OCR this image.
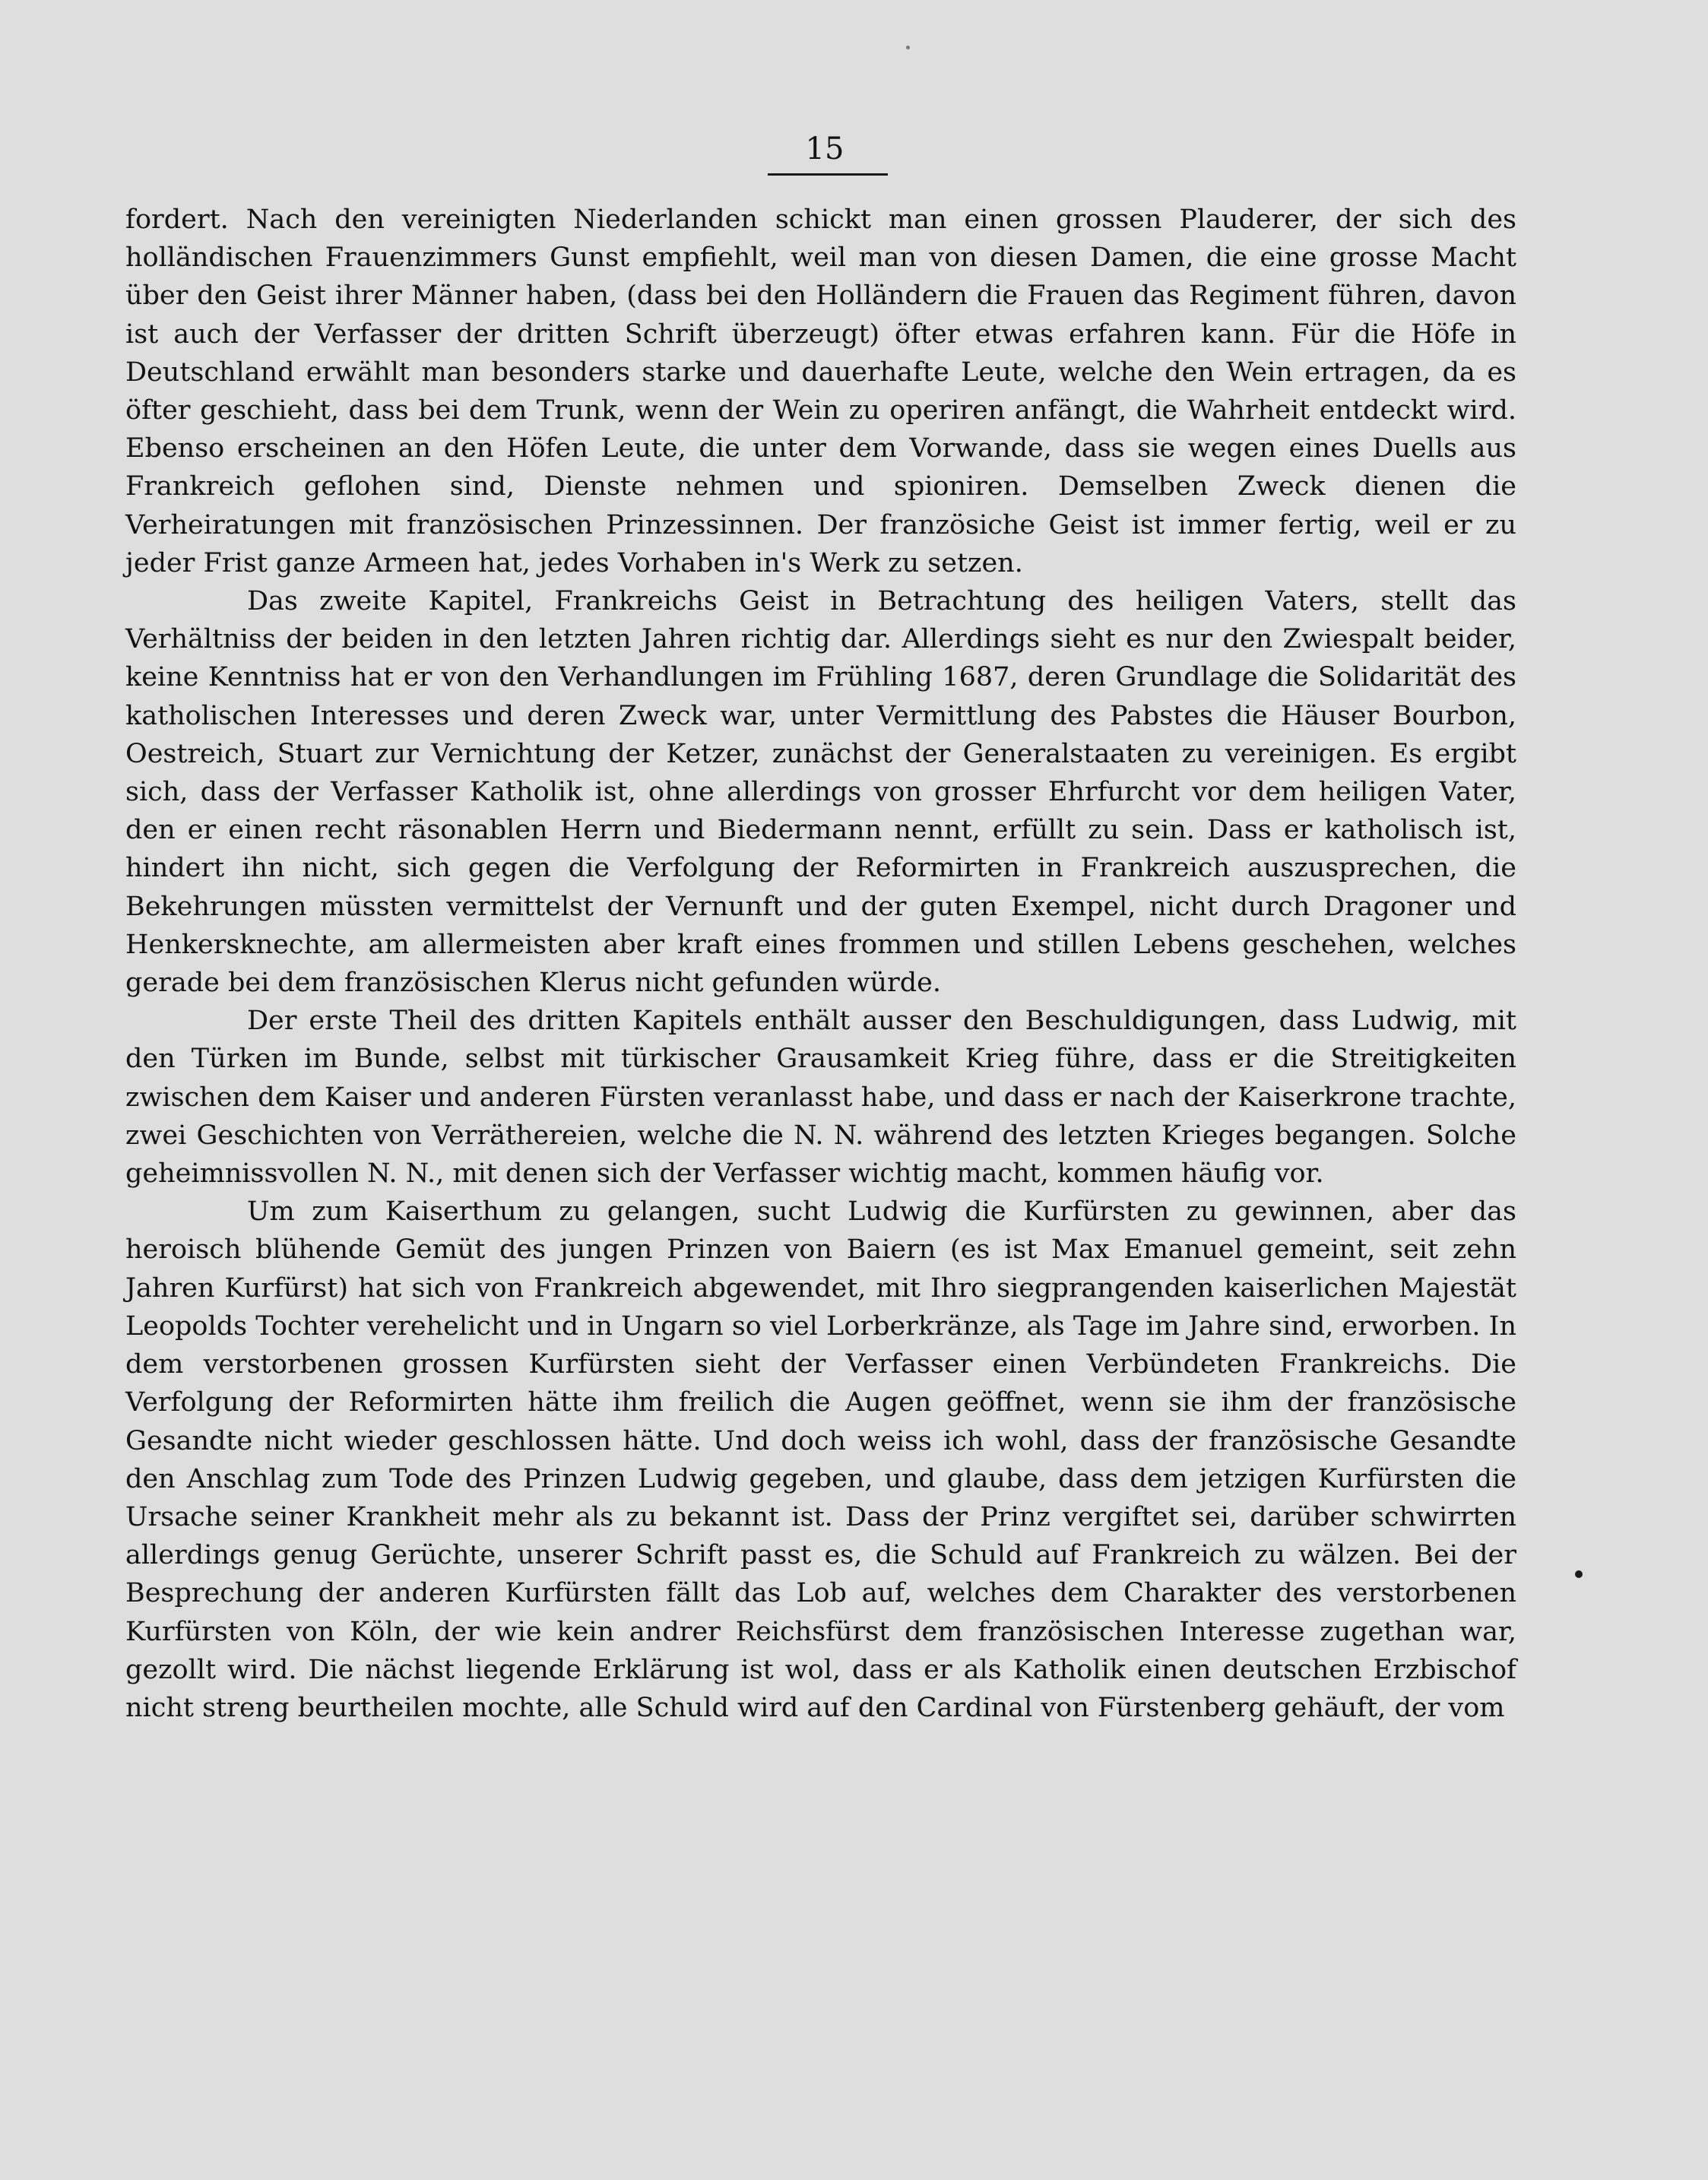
15

fordert. Nach den vereinigten Niederlanden schickt man einen grossen Plauderer, der sich des holländischen Frauenzimmers Gunst empfiehlt, weil man von diesen Damen, die eine grosse Macht über den Geist ihrer Männer haben, (dass bei den Holländern die Frauen das Regiment führen, davon ist auch der Verfasser der dritten Schrift überzeugt) öfter etwas erfahren kann. Für die Höfe in Deutschland erwählt man besonders starke und dauerhafte Leute, welche den Wein ertragen, da es öfter geschieht, dass bei dem Trunk, wenn der Wein zu operiren anfängt, die Wahrheit entdeckt wird. Ebenso erscheinen an den Höfen Leute, die unter dem Vorwande, dass sie wegen eines Duells aus Frankreich geflohen sind, Dienste nehmen und spioniren. Demselben Zweck dienen die Verheiratungen mit französischen Prinzessinnen. Der französiche Geist ist immer fertig, weil er zu jeder Frist ganze Armeen hat, jedes Vorhaben in's Werk zu setzen.

Das zweite Kapitel, Frankreichs Geist in Betrachtung des heiligen Vaters, stellt das Verhältniss der beiden in den letzten Jahren richtig dar. Allerdings sieht es nur den Zwiespalt beider, keine Kenntniss hat er von den Verhandlungen im Frühling 1687, deren Grundlage die Solidarität des katholischen Interesses und deren Zweck war, unter Vermittlung des Pabstes die Häuser Bourbon, Oestreich, Stuart zur Vernichtung der Ketzer, zunächst der Generalstaaten zu vereinigen. Es ergibt sich, dass der Verfasser Katholik ist, ohne allerdings von grosser Ehrfurcht vor dem heiligen Vater, den er einen recht räsonablen Herrn und Biedermann nennt, erfüllt zu sein. Dass er katholisch ist, hindert ihn nicht, sich gegen die Verfolgung der Reformirten in Frankreich auszusprechen, die Bekehrungen müssten vermittelst der Vernunft und der guten Exempel, nicht durch Dragoner und Henkersknechte, am allermeisten aber kraft eines frommen und stillen Lebens geschehen, welches gerade bei dem französischen Klerus nicht gefunden würde.

Der erste Theil des dritten Kapitels enthält ausser den Beschuldigungen, dass Ludwig, mit den Türken im Bunde, selbst mit türkischer Grausamkeit Krieg führe, dass er die Streitigkeiten zwischen dem Kaiser und anderen Fürsten veranlasst habe, und dass er nach der Kaiserkrone trachte, zwei Geschichten von Verräthereien, welche die N. N. während des letzten Krieges begangen. Solche geheimnissvollen N. N., mit denen sich der Verfasser wichtig macht, kommen häufig vor.

Um zum Kaiserthum zu gelangen, sucht Ludwig die Kurfürsten zu gewinnen, aber das heroisch blühende Gemüt des jungen Prinzen von Baiern (es ist Max Emanuel gemeint, seit zehn Jahren Kurfürst) hat sich von Frankreich abgewendet, mit Ihro siegprangenden kaiserlichen Majestät Leopolds Tochter verehelicht und in Ungarn so viel Lorberkränze, als Tage im Jahre sind, erworben. In dem verstorbenen grossen Kurfürsten sieht der Verfasser einen Verbündeten Frankreichs. Die Verfolgung der Reformirten hätte ihm freilich die Augen geöffnet, wenn sie ihm der französische Gesandte nicht wieder geschlossen hätte. Und doch weiss ich wohl, dass der französische Gesandte den Anschlag zum Tode des Prinzen Ludwig gegeben, und glaube, dass dem jetzigen Kurfürsten die Ursache seiner Krankheit mehr als zu bekannt ist. Dass der Prinz vergiftet sei, darüber schwirrten allerdings genug Gerüchte, unserer Schrift passt es, die Schuld auf Frankreich zu wälzen. Bei der Besprechung der anderen Kurfürsten fällt das Lob auf, welches dem Charakter des verstorbenen Kurfürsten von Köln, der wie kein andrer Reichsfürst dem französischen Interesse zugethan war, gezollt wird. Die nächst liegende Erklärung ist wol, dass er als Katholik einen deutschen Erzbischof nicht streng beurtheilen mochte, alle Schuld wird auf den Cardinal von Fürstenberg gehäuft, der vom
